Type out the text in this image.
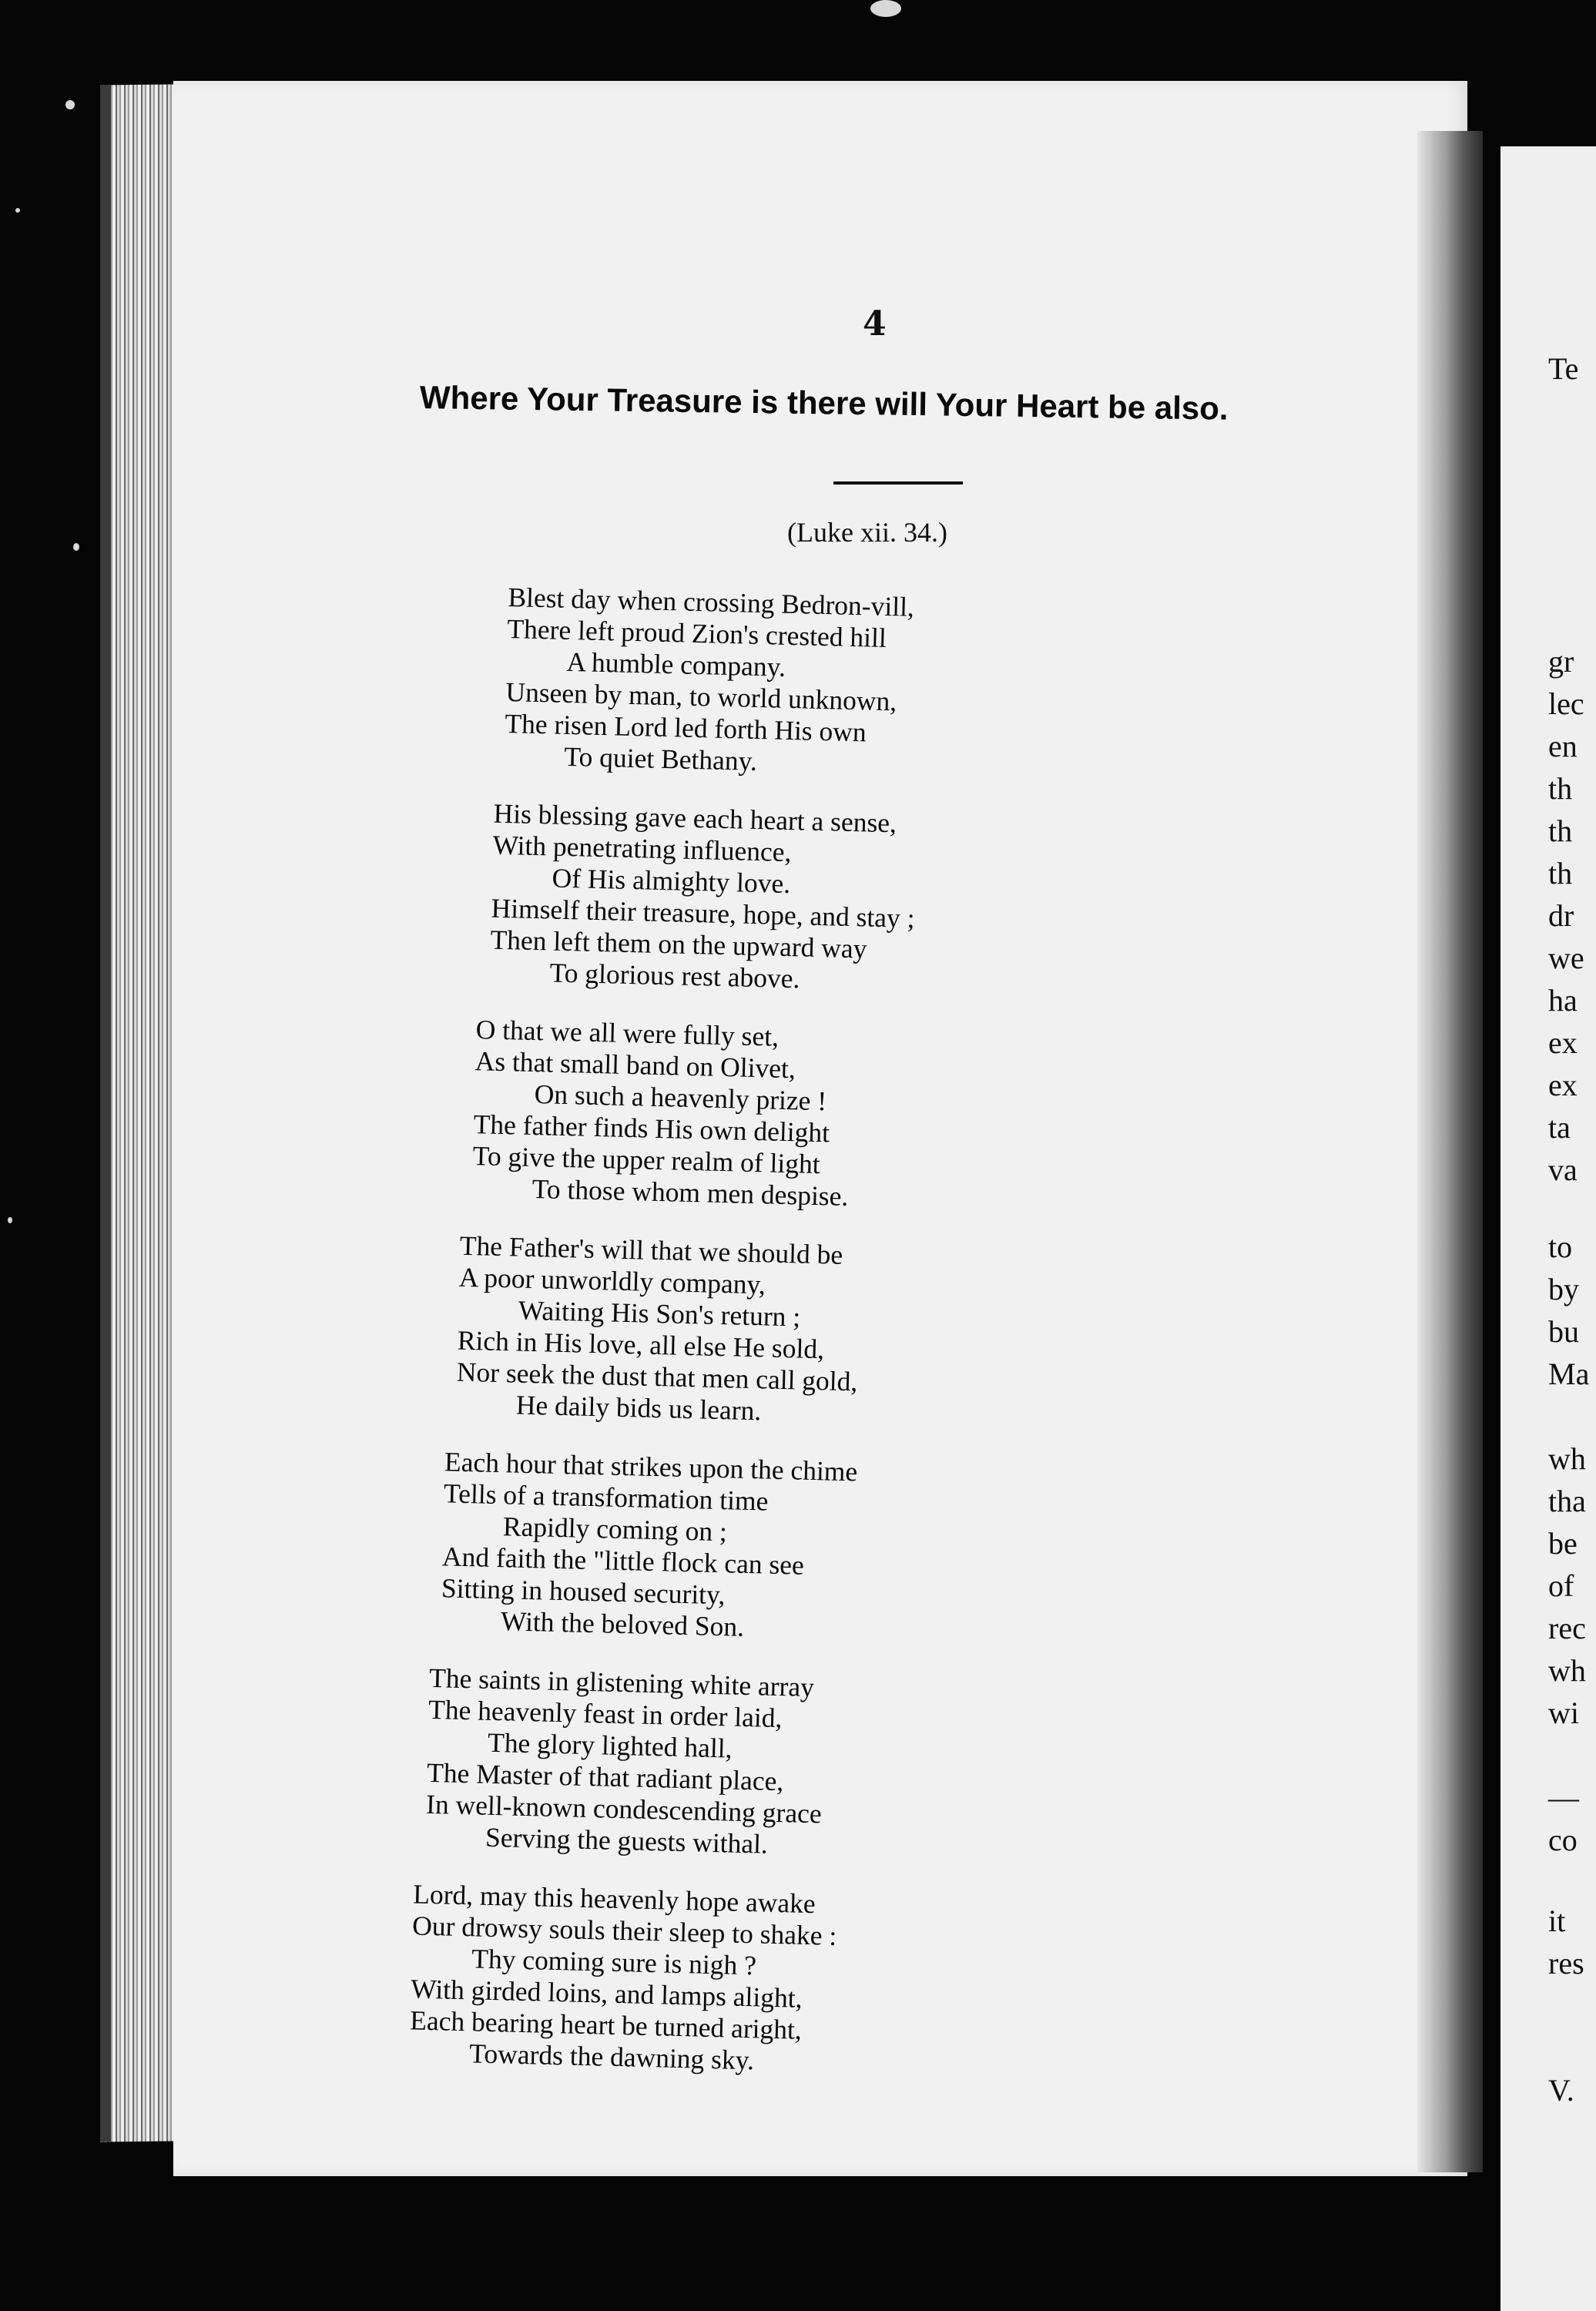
4
Where Your Treasure is there will Your Heart be also.
(Luke xii. 34.)
Blest day when crossing Bedron-vill,
There left proud Zion's crested hill
A humble company.
Unseen by man, to world unknown,
The risen Lord led forth His own
To quiet Bethany.
His blessing gave each heart a sense,
With penetrating influence,
Of His almighty love.
Himself their treasure, hope, and stay ;
Then left them on the upward way
To glorious rest above.
O that we all were fully set,
As that small band on Olivet,
On such a heavenly prize !
The father finds His own delight
To give the upper realm of light
To those whom men despise.
The Father's will that we should be
A poor unworldly company,
Waiting His Son's return ;
Rich in His love, all else He sold,
Nor seek the dust that men call gold,
He daily bids us learn.
Each hour that strikes upon the chime
Tells of a transformation time
Rapidly coming on ;
And faith the "little flock can see
Sitting in housed security,
With the beloved Son.
The saints in glistening white array
The heavenly feast in order laid,
The glory lighted hall,
The Master of that radiant place,
In well-known condescending grace
Serving the guests withal.
Lord, may this heavenly hope awake
Our drowsy souls their sleep to shake :
Thy coming sure is nigh ?
With girded loins, and lamps alight,
Each bearing heart be turned aright,
Towards the dawning sky.
Te
gr
lec
en
th
th
th
dr
we
ha
ex
ex
ta
va
to
by
bu
Ma
wh
tha
be
of
rec
wh
wi
—
co
it
res
V.
